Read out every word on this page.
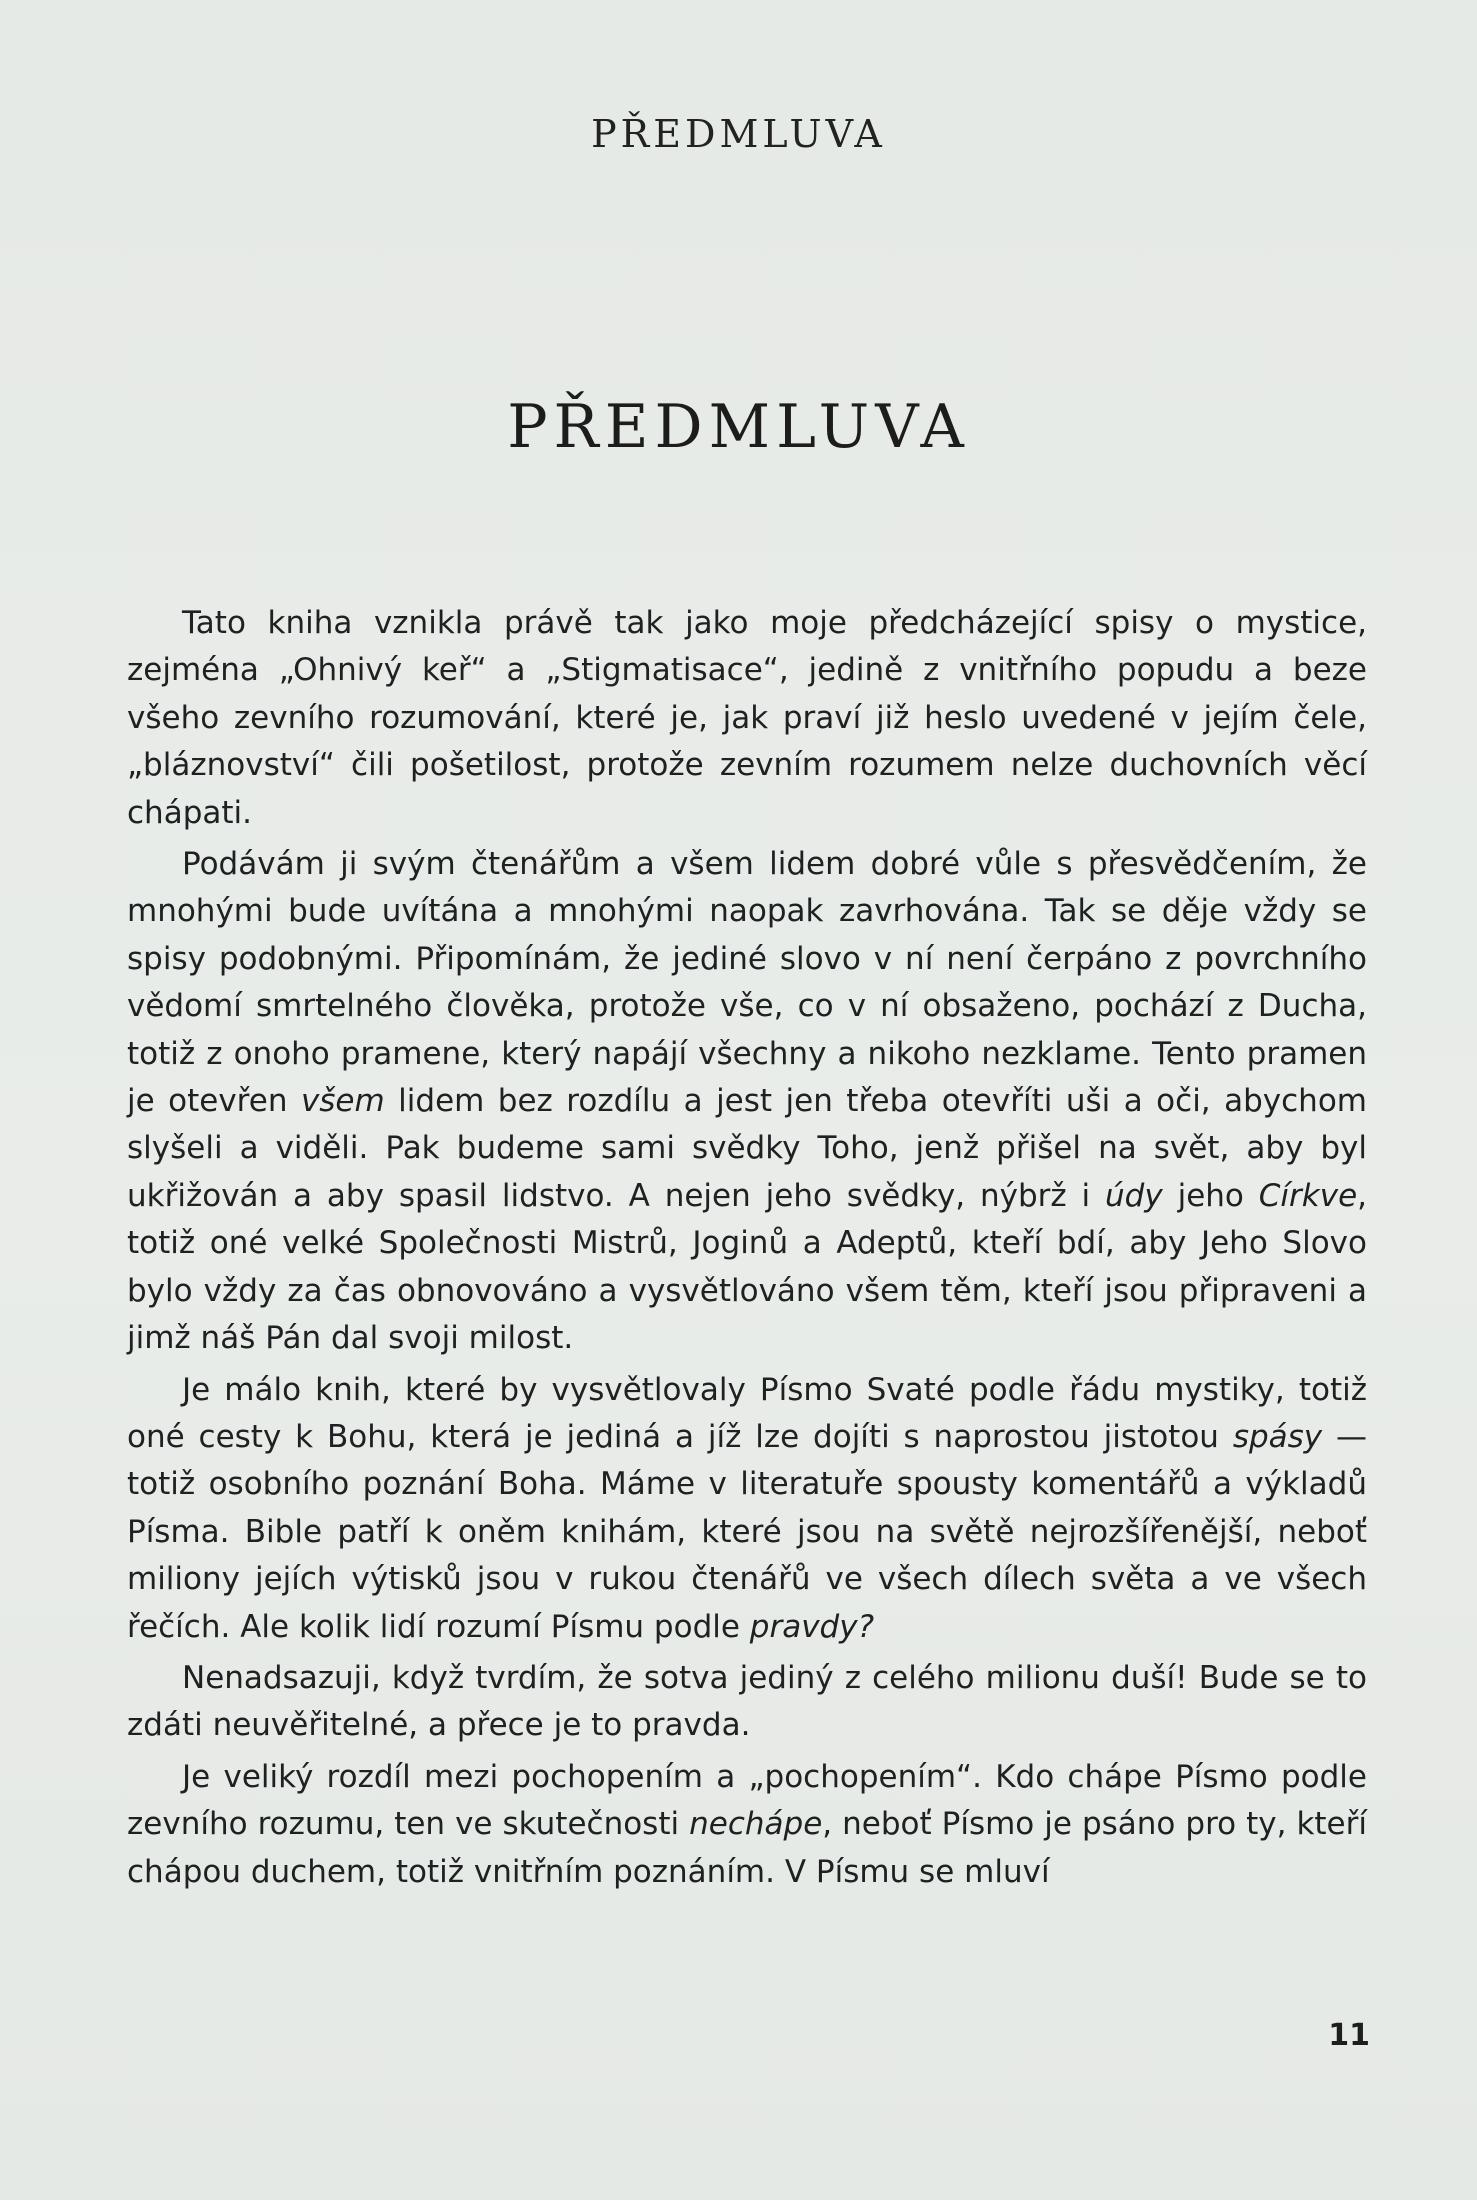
PŘEDMLUVA
PŘEDMLUVA

Tato kniha vznikla právě tak jako moje předcházející spisy o mystice, zejména „Ohnivý keř“ a „Stigmatisace“, jedině z vnitřního popudu a beze všeho zevního rozumování, které je, jak praví již heslo uvedené v jejím čele, „bláznovství“ čili pošetilost, protože zevním rozumem nelze duchovních věcí chápati.

Podávám ji svým čtenářům a všem lidem dobré vůle s přesvědčením, že mnohými bude uvítána a mnohými naopak zavrhována. Tak se děje vždy se spisy podobnými. Připomínám, že jediné slovo v ní není čerpáno z povrchního vědomí smrtelného člověka, protože vše, co v ní obsaženo, pochází z Ducha, totiž z onoho pramene, který napájí všechny a nikoho nezklame. Tento pramen je otevřen všem lidem bez rozdílu a jest jen třeba otevříti uši a oči, abychom slyšeli a viděli. Pak budeme sami svědky Toho, jenž přišel na svět, aby byl ukřižován a aby spasil lidstvo. A nejen jeho svědky, nýbrž i údy jeho Církve, totiž oné velké Společnosti Mistrů, Joginů a Adeptů, kteří bdí, aby Jeho Slovo bylo vždy za čas obnovováno a vysvětlováno všem těm, kteří jsou připraveni a jimž náš Pán dal svoji milost.

Je málo knih, které by vysvětlovaly Písmo Svaté podle řádu mystiky, totiž oné cesty k Bohu, která je jediná a jíž lze dojíti s naprostou jistotou spásy — totiž osobního poznání Boha. Máme v literatuře spousty komentářů a výkladů Písma. Bible patří k oněm knihám, které jsou na světě nejrozšířenější, neboť miliony jejích výtisků jsou v rukou čtenářů ve všech dílech světa a ve všech řečích. Ale kolik lidí rozumí Písmu podle pravdy?

Nenadsazuji, když tvrdím, že sotva jediný z celého milionu duší! Bude se to zdáti neuvěřitelné, a přece je to pravda.

Je veliký rozdíl mezi pochopením a „pochopením“. Kdo chápe Písmo podle zevního rozumu, ten ve skutečnosti nechápe, neboť Písmo je psáno pro ty, kteří chápou duchem, totiž vnitřním poznáním. V Písmu se mluví

11
